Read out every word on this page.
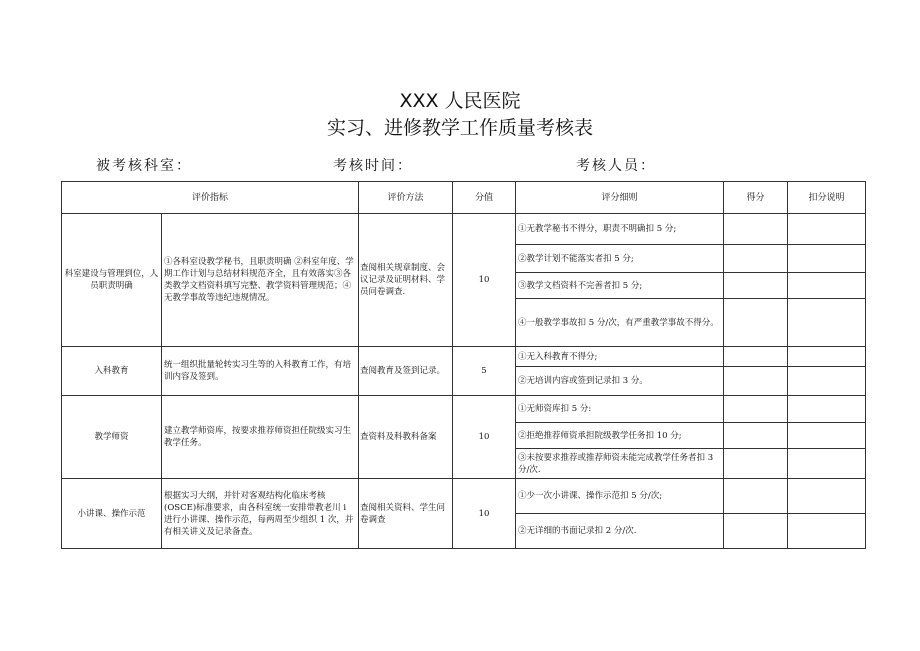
XXX 人民医院
实习、进修教学工作质量考核表
被考核科室：	考核时间：	考核人员：
评价指标		评价方法	分值	评分细则	得分	扣分说明
科室建设与管理到位，人员职责明确	①各科室设教学秘书，且职责明确 ②科室年度、学期工作计划与总结材料规范齐全，且有效落实③各类教学文档资料填写完整、教学资料管理规范；④无教学事故等违纪违规情况。	查阅相关规章制度、会议记录及证明材料、学员问卷调查.	10	①无教学秘书不得分，职责不明确扣 5 分;		
				②教学计划不能落实者扣 5 分;		
				③教学文档资料不完善者扣 5 分;		
				④一般教学事故扣 5 分/次，有严重教学事故不得分。		
入科教育	统一组织批量轮转实习生等的入科教育工作，有培训内容及签到。	查阅教育及签到记录。	5	①无入科教育不得分;		
				②无培训内容或签到记录扣 3 分。		
教学师资	建立教学师资库，按要求推荐师资担任院级实习生教学任务。	查资料及科教科备案	10	①无师资库扣 5 分:		
				②拒绝推荐师资承担院级教学任务扣 10 分;		
				③未按要求推荐或推荐师资未能完成教学任务者扣 3 分/次.		
小讲课、操作示范	根据实习大纲，并针对客观结构化临床考核(OSCE)标准要求，由各科室统一安排带教老川 i 进行小讲课、操作示范，每两周至少组织 1 次，并有相关讲义及记录备查。	查阅相关资料、学生问卷调查	10	①少一次小讲课、操作示范扣 5 分/次;		
				②无详细的书面记录扣 2 分/次.		
